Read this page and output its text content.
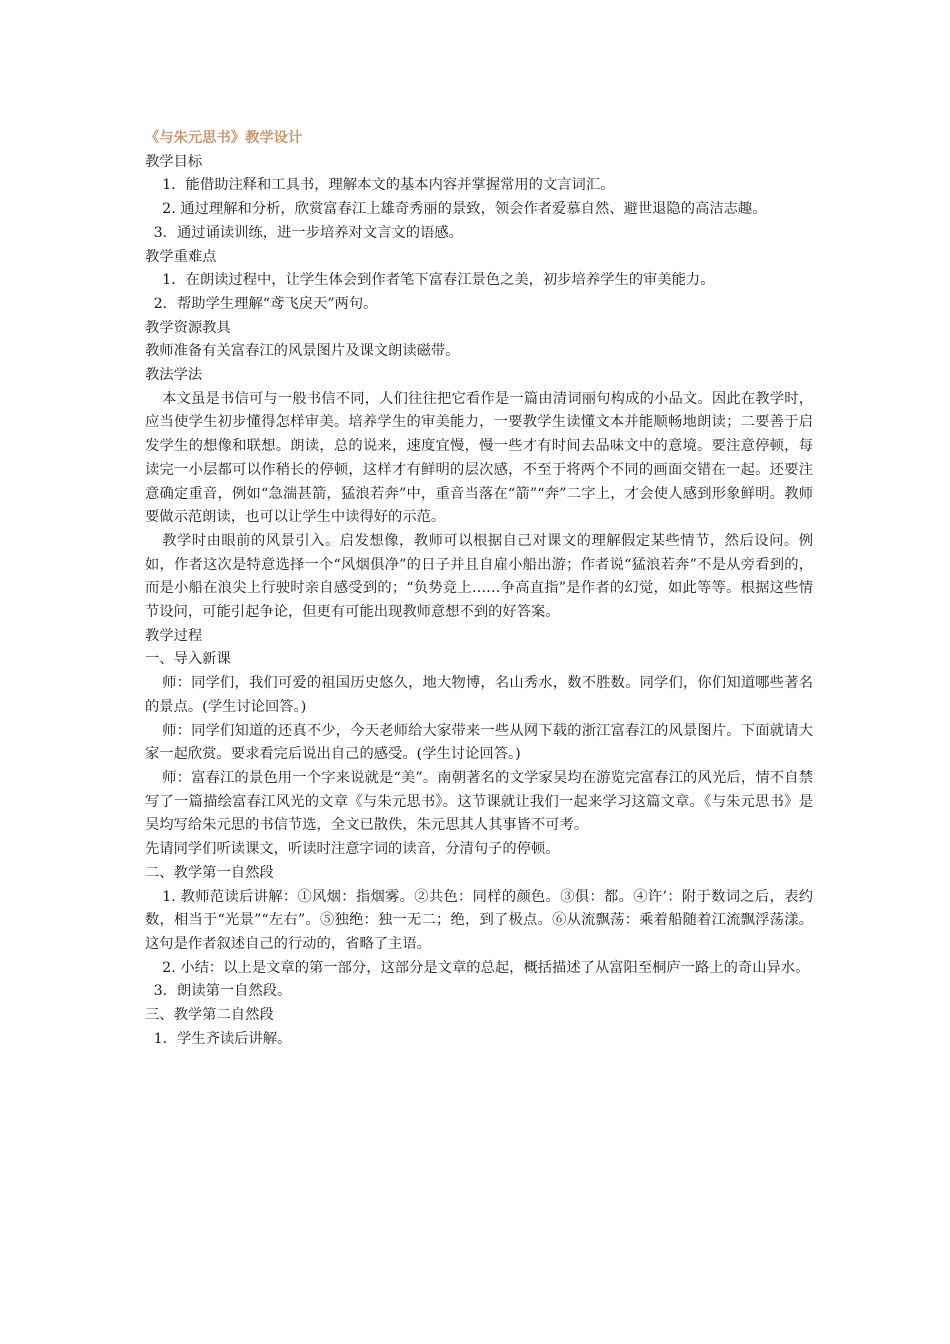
《与朱元思书》教学设计
教学目标
1．能借助注释和工具书，理解本文的基本内容并掌握常用的文言词汇。

2. 通过理解和分析，欣赏富春江上雄奇秀丽的景致，领会作者爱慕自然、避世退隐的高洁志趣。

3．通过诵读训练，进一步培养对文言文的语感。
教学重难点
1．在朗读过程中，让学生体会到作者笔下富春江景色之美，初步培养学生的审美能力。
2．帮助学生理解“鸢飞戾天”两句。
教学资源教具
教师准备有关富春江的风景图片及课文朗读磁带。
教法学法

本文虽是书信可与一般书信不同，人们往往把它看作是一篇由清词丽句构成的小品文。因此在教学时，应当使学生初步懂得怎样审美。培养学生的审美能力，一要教学生读懂文本并能顺畅地朗读；二要善于启发学生的想像和联想。朗读，总的说来，速度宜慢，慢一些才有时间去品味文中的意境。要注意停顿，每读完一小层都可以作稍长的停顿，这样才有鲜明的层次感，不至于将两个不同的画面交错在一起。还要注意确定重音，例如“急湍甚箭，猛浪若奔”中，重音当落在“箭”“奔”二字上，才会使人感到形象鲜明。教师要做示范朗读，也可以让学生中读得好的示范。

教学时由眼前的风景引入。启发想像，教师可以根据自己对课文的理解假定某些情节，然后设问。例如，作者这次是特意选择一个“风烟俱净”的日子并且自雇小船出游；作者说“猛浪若奔”不是从旁看到的，而是小船在浪尖上行驶时亲自感受到的；“负势竞上……争高直指”是作者的幻觉，如此等等。根据这些情节设问，可能引起争论，但更有可能出现教师意想不到的好答案。

教学过程
一、导入新课

师：同学们，我们可爱的祖国历史悠久，地大物博，名山秀水，数不胜数。同学们，你们知道哪些著名的景点。(学生讨论回答。)

师：同学们知道的还真不少，今天老师给大家带来一些从网下载的浙江富春江的风景图片。下面就请大家一起欣赏。要求看完后说出自己的感受。(学生讨论回答。)

师：富春江的景色用一个字来说就是“美”。南朝著名的文学家吴均在游览完富春江的风光后，情不自禁写了一篇描绘富春江风光的文章《与朱元思书》。这节课就让我们一起来学习这篇文章。《与朱元思书》是吴均写给朱元思的书信节选，全文已散佚，朱元思其人其事皆不可考。

先请同学们听读课文，听读时注意字词的读音，分清句子的停顿。
二、教学第一自然段

1. 教师范读后讲解：①风烟：指烟雾。②共色：同样的颜色。③俱：都。④许’：附于数词之后，表约数，相当于“光景”“左右”。⑤独绝：独一无二；绝，到了极点。⑥从流飘荡：乘着船随着江流飘浮荡漾。这句是作者叙述自己的行动的，省略了主语。

2. 小结：以上是文章的第一部分，这部分是文章的总起，概括描述了从富阳至桐庐一路上的奇山异水。

3．朗读第一自然段。
三、教学第二自然段
1．学生齐读后讲解。
